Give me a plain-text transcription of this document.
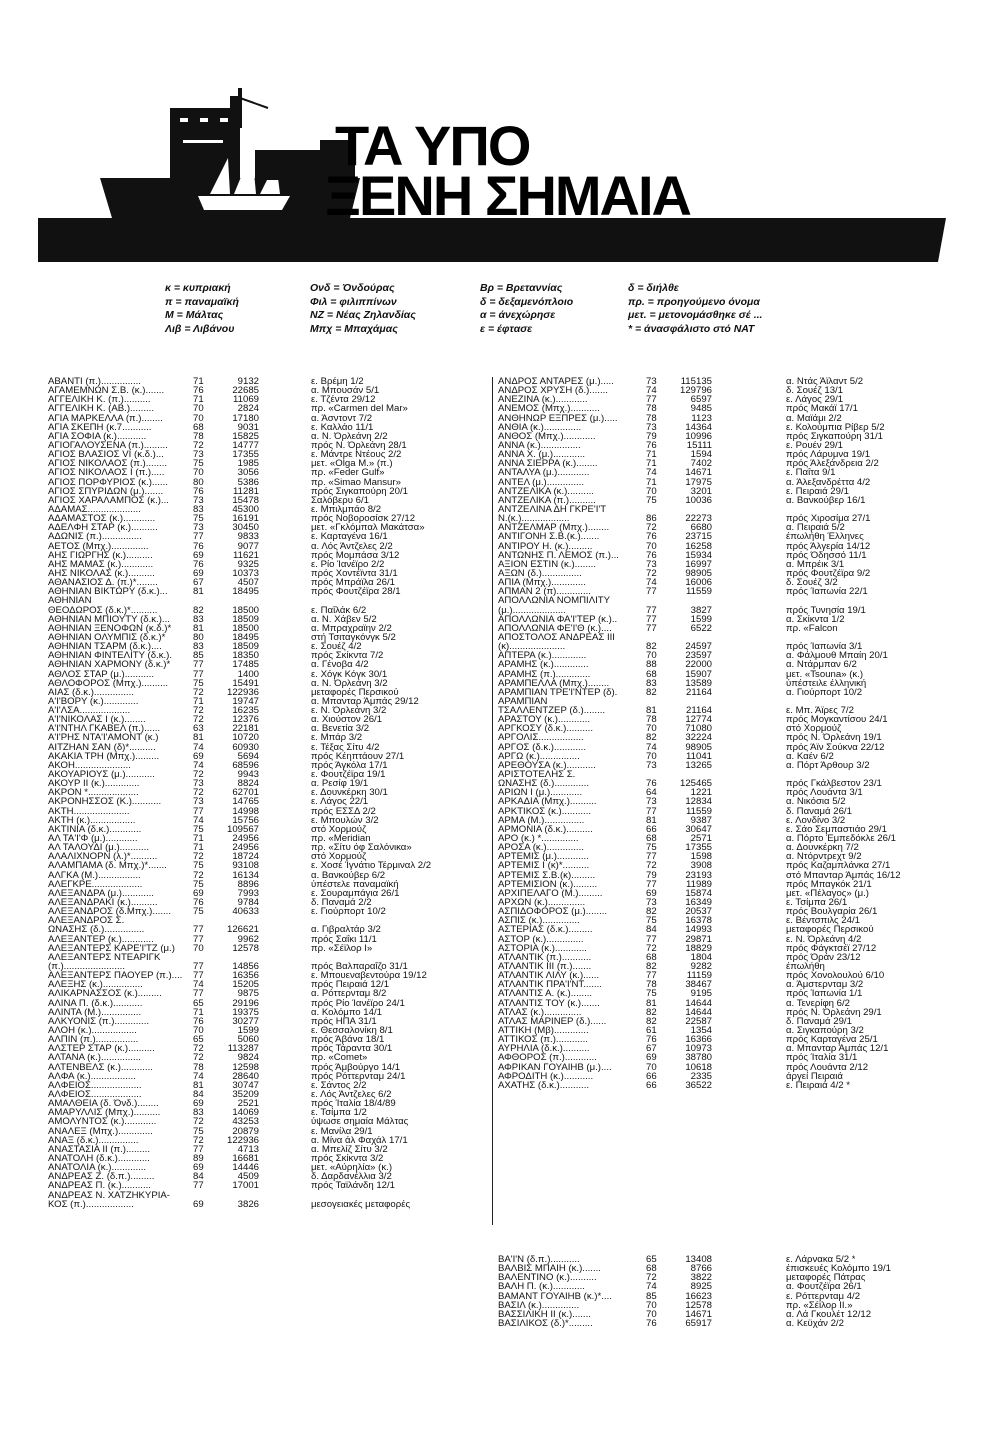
ΤΑ ΥΠΟ
ΞΕΝΗ ΣΗΜΑΙΑ
κ = κυπριακή
π = παναμαϊκή
Μ = Μάλτας
Λιβ = Λιβάνου
Ονδ = Όνδούρας
Φιλ = φιλιππίνων
NZ = Νέας Ζηλανδίας
Μπχ = Μπαχάμας
Βρ = Βρεταννίας
δ = δεξαμενόπλοιο
α = άνεχώρησε
ε = έφτασε
δ = διήλθε
πρ. = προηγούμενο όνομα
μετ. = μετονομάσθηκε σέ ...
* = άνασφάλιστο στό ΝΑΤ
ΑΒΑΝΤΙ (π.)...............	71	9132	ε. Βρέμη 1/2
ΑΓΑΜΕΜΝΩΝ Σ.Β. (κ.).......	76	22685	α. Μπουσάν 5/1
ΑΓΓΕΛΙΚΗ Κ. (π.)..........	71	11069	ε. Τζέντα 29/12
ΑΓΓΕΛΙΚΗ Κ. (ΑΒ.).........	70	2824	πρ. «Carmen del Mar»
ΑΓΙΑ ΜΑΡΚΕΛΛΑ (π.)........	70	17180	α. Άσντοντ 7/2
ΑΓΙΑ ΣΚΕΠΗ (κ.7...........	68	9031	ε. Καλλάο 11/1
ΑΓΙΑ ΣΟΦΙΑ (κ.)...........	78	15825	α. Ν. Όρλεάνη 2/2
ΑΓΙΟΓΑΛΟΥΣΕΝΑ (π.).........	72	14777	πρός Ν. Όρλεάνη 28/1
ΑΓΙΟΣ ΒΛΑΣΙΟΣ VI (κ.δ.)...	73	17355	ε. Μάντρε Ντέους 2/2
ΑΓΙΟΣ ΝΙΚΟΛΑΟΣ (π.)........	75	1985	μετ. «Olga M.» (π.)
ΑΓΙΟΣ ΝΙΚΟΛΑΟΣ Ι (π.).....	70	3056	πρ. «Feder Gulf»
ΑΓΙΟΣ ΠΟΡΦΥΡΙΟΣ (κ.)......	80	5386	πρ. «Simao Mansur»
ΑΓΙΟΣ ΣΠΥΡΙΔΩΝ (μ.).......	76	11281	πρός Σιγκαπούρη 20/1
ΑΓΙΟΣ ΧΑΡΑΛΑΜΠΟΣ (κ.)...	73	15478	Σαλόβερυ 6/1
ΑΔΑΜΑΣ....................	83	45300	ε. Μπιλμπάο 8/2
ΑΔΑΜΑΣΤΟΣ (κ.)............	75	16191	πρός Νοβοροσίσκ 27/12
ΑΔΕΛΦΗ ΣΤΑΡ (κ.)..........	73	30450	μετ. «Γκλόμπαλ Μακάτσα»
ΑΔΩΝΙΣ (π.)...............	77	9833	ε. Καρταγένα 16/1
ΑΕΤΟΣ (Μπχ.)..............	76	9077	α. Λός Άντζελες 2/2
ΑΗΣ ΓΙΩΡΓΗΣ (κ.)..........	69	11621	πρός Μομπάσα 3/12
ΑΗΣ ΜΑΜΑΣ (κ.)............	76	9325	ε. Ρίο Ίανέϊρο 2/2
ΑΗΣ ΝΙΚΟΛΑΣ (κ.)..........	69	10373	πρός Χοντέϊντα 31/1
ΑΘΑΝΑΣΙΟΣ Δ. (π.)*........	67	4507	πρός Μπράϊλα 26/1
ΑΘΗΝΙΑΝ ΒΙΚΤΩΡΥ (δ.κ.)...	81	18495	πρός Φουτζέϊρα 28/1
ΑΘΗΝΙΑΝ
ΘΕΟΔΩΡΟΣ (δ.κ.)*..........	82	18500	ε. Παΐλάκ 6/2
ΑΘΗΝΙΑΝ ΜΠΙΟΥΤΥ (δ.κ.)...	83	18509	α. Ν. Χάβεν 5/2
ΑΘΗΝΙΑΝ ΞΕΝΟΦΩΝ (κ.δ.)*	81	18500	α. Μπραχραϊην 2/2
ΑΘΗΝΙΑΝ ΟΛΥΜΠΙΣ (δ.κ.)*	80	18495	στή Τσιταγκόνγκ 5/2
ΑΘΗΝΙΑΝ ΤΣΑΡΜ (δ.κ.)....	83	18509	ε. Σουέζ 4/2
ΑΘΗΝΙΑΝ ΦΙΝΤΕΛΙΤΥ (δ.κ.).	85	18350	πρός Σκίκντα 7/2
ΑΘΗΝΙΑΝ ΧΑΡΜΟΝΥ (δ.κ.)*	77	17485	α. Γένοβα 4/2
ΑΘΛΟΣ ΣΤΑΡ (μ.)...........	77	1400	ε. Χόγκ Κόγκ 30/1
ΑΘΛΟΦΟΡΟΣ (Μπχ.)..........	75	15491	α. Ν. Όρλεάνη 3/2
ΑΙΑΣ (δ.κ.)...............	72	122936	μεταφορές Περσικού
Α'Ι'ΒΟΡΥ (κ.).............	71	19747	α. Μπανταρ Άμπάς 29/12
Α'Ι'ΛΣΑ...................	72	16235	ε. Ν. Όρλεάνη 3/2
Α'Ι'ΝΙΚΟΛΑΣ Ι (κ.)........	72	12376	α. Χιούστον 26/1
Α'Ι'ΝΤΗΛ ΓΚΑΒΕΛ (π.)......	63	22181	α. Βενετία 3/2
Α'Ι'ΡΗΣ ΝΤΑ'Ι'ΑΜΟΝΤ (κ.)	81	10720	ε. Μπάρ 3/2
ΑΙΤΖΗΑΝ ΣΑΝ (δ)*..........	74	60930	ε. Τέξας Σίτυ 4/2
ΑΚΑΚΙΑ ΤΡΗ (Μπχ.).........	69	5694	πρός Κέηπτάουν 27/1
ΑΚΟΗ.....................	74	68596	πρός Άγκόλα 17/1
ΑΚΟΥΑΡΙΟΥΣ (μ.)...........	72	9943	ε. Φουτζέϊρα 19/1
ΑΚΟΥΡ ΙΙ (κ.).............	73	8824	α. Ρεσίφ 19/1
ΑΚΡΟΝ *...................	72	62701	ε. Δουνκέρκη 30/1
ΑΚΡΟΝΗΣΣΟΣ (Κ.)...........	73	14765	ε. Λάγος 22/1
ΑΚΤΗ.....................	77	14998	πρός ΕΣΣΔ 2/2
ΑΚΤΗ (κ.).................	74	15756	ε. Μπουλών 3/2
ΑΚΤΙΝΙΑ (δ.κ.)............	75	109567	στό Χορμούζ
ΑΛ ΤΑ'Ι'Φ (μ.)............	71	24956	πρ. «Meridian
ΑΛ ΤΑΛΟΥΔΙ (μ.)...........	71	24956	πρ. «Σίτυ όφ Σαλόνικα»
ΑΛΑΛΙΧΝΟΡΝ (λ.)*..........	72	18724	στό Χορμούζ
ΑΛΑΜΠΑΜΑ (δ. Μπχ.)*.......	75	93108	ε. Χοσέ Ίγνάτιο Τέρμιναλ 2/2
ΑΛΓΚΑ (Μ.)................	72	16134	α. Βανκούβερ 6/2
ΑΛΕΓΚΡΕ...................	75	8896	ύπέστελε παναμαϊκή
ΑΛΕΞΑΝΔΡΑ (μ.)............	69	7993	ε. Σουραμπάγια 26/1
ΑΛΕΞΑΝΔΡΑΚΙ (κ.)..........	76	9784	δ. Παναμά 2/2
ΑΛΕΞΑΝΔΡΟΣ (δ.Μπχ.).......	75	40633	ε. Γιούρπορτ 10/2
ΑΛΕΞΑΝΔΡΟΣ Σ.
ΩΝΑΣΗΣ (δ.)...............	77	126621	α. Γιβραλτάρ 3/2
ΑΛΕΞΑΝΤΕΡ (κ.)............	77	9962	πρός Σαΐκι 11/1
ΑΛΕΞΑΝΤΕΡΣ ΚΑΡΕ'Ι'ΤΖ (μ.)	70	12578	πρ. «Σέϊλορ Ι»
ΑΛΕΞΑΝΤΕΡΣ ΝΤΕΑΡΙΓΚ
(π.).......................	77	14856	πρός Βαλπαραΐζο 31/1
ΑΛΕΞΑΝΤΕΡΣ ΠΑΟΥΕΡ (π.)....	77	16356	ε. Μπουεναβεντούρα 19/12
ΑΛΕΞΗΣ (κ.)...............	74	15205	πρός Πειραιά 12/1
ΑΛΙΚΑΡΝΑΣΣΟΣ (κ.).........	77	9875	α. Ρόττερνταμ 8/2
ΑΛΙΝΑ Π. (δ.κ.)...........	65	29196	πρός Ρίο Ίανέϊρο 24/1
ΑΛΙΝΤΑ (Μ.)...............	71	19375	α. Κολόμπο 14/1
ΑΛΚΥΟΝΙΣ (π.).............	76	30277	πρός ΗΠΑ 31/1
ΑΛΟΗ (κ.).................	70	1599	ε. Θεσσαλονίκη 8/1
ΑΛΠΙΝ (π.)................	65	5060	πρός Άβάνα 18/1
ΑΛΣΤΕΡ ΣΤΑΡ (κ.)..........	72	113287	πρός Τάραντα 30/1
ΑΛΤΑΝΑ (κ.)...............	72	9824	πρ. «Comet»
ΑΛΤΕΝΒΕΛΣ (κ.)............	78	12598	πρός Άμβούργο 14/1
ΑΛΦΑ (κ.).................	74	28640	πρός Ρόττερνταμ 24/1
ΑΛΦΕΙΟΣ...................	81	30747	ε. Σάντος 2/2
ΑΛΦΕΙΟΣ...................	84	35209	ε. Λός Άντζελες 6/2
ΑΜΑΛΘΕΙΑ (δ. Όνδ.)........	69	2521	πρός Ίταλία 18/4/89
ΑΜΑΡΥΛΛΙΣ (Μπχ.)..........	83	14069	ε. Τσίμπα 1/2
ΑΜΟΛΥΝΤΟΣ (κ.)............	72	43253	ύψωσε σημαία Μάλτας
ΑΝΑΛΕΞ (Μπχ.).............	75	20879	ε. Μανίλα 29/1
ΑΝΑΞ (δ.κ.)...............	72	122936	α. Μίνα άλ Φαχάλ 17/1
ΑΝΑΣΤΑΣΙΑ ΙΙ (π.).........	77	4713	α. Μπελίζ Σίτυ 3/2
ΑΝΑΤΟΛΗ (δ.κ.)............	89	16681	πρός Σκίκντα 3/2
ΑΝΑΤΟΛΙΑ (κ.).............	69	14446	μετ. «Αύρηλία» (κ.)
ΑΝΔΡΕΑΣ Ζ. (δ.π.).........	84	4509	δ. Δαρδανέλλια 3/2
ΑΝΔΡΕΑΣ Π. (κ.)...........	77	17001	πρός Ταϊλάνδη 12/1
ΑΝΔΡΕΑΣ Ν. ΧΑΤΖΗΚΥΡΙΑ-
ΚΟΣ (π.)..................	69	3826	μεσογειακές μεταφορές
ΑΝΔΡΟΣ ΑΝΤΑΡΕΣ (μ.).....	73	115135	α. Ντάς Άϊλαντ 5/2
ΑΝΔΡΟΣ ΧΡΥΣΗ (δ.).......	74	129796	δ. Σουέζ 13/1
ΑΝΕΖΙΝΑ (κ.)............	77	6597	ε. Λάγος 29/1
ΑΝΕΜΟΣ (Μπχ.)...........	78	9485	πρός Μακάϊ 17/1
ΑΝΘΗΝΩΡ ΕΞΠΡΕΣ (μ.).....	78	1123	α. Μαϊάμι 2/2
ΑΝΘΙΑ (κ.)..............	73	14364	ε. Κολούμπια Ρίβερ 5/2
ΑΝΘΟΣ (Μπχ.)............	79	10996	πρός Σιγκαπούρη 31/1
ΑΝΝΑ (κ.)...............	76	15111	ε. Ρουέν 29/1
ΑΝΝΑ Χ. (μ.)............	71	1594	πρός Λάρυμνα 19/1
ΑΝΝΑ ΣΙΕΡΡΑ (κ.)........	71	7402	πρός Άλεξάνδρεια 2/2
ΑΝΤΑΛΥΑ (μ.)............	74	14671	ε. Παΐτα 9/1
ΑΝΤΕΛ (μ.)..............	71	17975	α. Άλεξανδρέττα 4/2
ΑΝΤΖΕΛΙΚΑ (κ.)..........	70	3201	ε. Πειραιά 29/1
ΑΝΤΖΕΛΙΚΑ (π.)..........	75	10036	α. Βανκούβερ 16/1
ΑΝΤΖΕΛΙΝΑ ΔΗ ΓΚΡΕ'Ι'Τ
Ν.(κ.)..................	86	22273	πρός Χιροσίμα 27/1
ΑΝΤΖΕΛΜΑΡ (Μπχ.)........	72	6680	α. Πειραιά 5/2
ΑΝΤΙΓΟΝΗ Σ.Β.(κ.).......	76	23715	έπωλήθη Έλληνες
ΑΝΤΙΡΟΥ Η. (κ.).........	70	16258	πρός Άλγερία 14/12
ΑΝΤΩΝΗΣ Π. ΛΕΜΟΣ (π.)...	76	15934	πρός Όδησσό 11/1
ΑΞΙΟΝ ΕΣΤΙΝ (κ.)........	73	16997	α. Μπρέικ 3/1
ΑΞΩΝ (δ.)...............	72	98905	πρός Φουτζέϊρα 9/2
ΑΠΙΑ (Μπχ.).............	74	16006	δ. Σουέζ 3/2
ΑΠΜΑΝ 2 (π).............	77	11559	πρός Ίαπωνία 22/1
ΑΠΟΛΛΩΝΙΑ ΝΟΜΠΙΛΙΤΥ
(μ.)....................	77	3827	πρός Τυνησία 19/1
ΑΠΟΛΛΩΝΙΑ ΦΑ'Ι'ΤΕΡ (κ.)..	77	1599	α. Σκίκντα 1/2
ΑΠΟΛΛΩΝΙΑ ΦΕ'Ι'Θ (κ.)....	77	6522	πρ. «Falcon
ΑΠΟΣΤΟΛΟΣ ΑΝΔΡΕΑΣ ΙΙΙ
(κ).....................	82	24597	πρός Ίαπωνία 3/1
ΑΠΤΕΡΑ (κ.).............	70	23597	α. Φάλμουθ Μπαίη 20/1
ΑΡΑΜΗΣ (κ.).............	88	22000	α. Ντάρμπαν 6/2
ΑΡΑΜΗΣ (π.).............	68	15907	μετ. «Tsouna» (κ.)
ΑΡΑΜΠΕΛΛΑ (Μπχ.)........	83	13589	ύπέστειλε έλληνική
ΑΡΑΜΠΙΑΝ ΤΡΕ'Ι'ΝΤΕΡ (δ).	82	21164	α. Γιούρπορτ 10/2
ΑΡΑΜΠΙΑΝ
ΤΣΑΛΛΕΝΤΖΕΡ (δ.)........	81	21164	ε. Μπ. Άϊρες 7/2
ΑΡΑΣΤΟΥ (κ.)............	78	12774	πρός Μογκαντίσου 24/1
ΑΡΓΚΟΣΥ (δ.κ.)..........	70	71080	στό Χορμούζ
ΑΡΓΟΛΙΣ.................	82	32224	πρός Ν. Όρλεάνη 19/1
ΑΡΓΟΣ (δ.κ.)............	74	98905	πρός Άϊν Σούκνα 22/12
ΑΡΓΩ (κ.)...............	70	11041	α. Καέν 6/2
ΑΡΕΘΟΥΣΑ (κ.)...........	73	13265	α. Πόρτ Άρθουρ 3/2
ΑΡΙΣΤΟΤΕΛΗΣ Σ.
ΩΝΑΣΗΣ (δ.).............	76	125465	πρός Γκάλβεστον 23/1
ΑΡΙΩΝ Ι (μ.)............	64	1221	πρός Λουάντα 3/1
ΑΡΚΑΔΙΑ (Μπχ.)..........	73	12834	α. Νικόσια 5/2
ΑΡΚΤΙΚΟΣ (κ.)...........	77	11559	δ. Παναμά 26/1
ΑΡΜΑ (Μ.)...............	81	9387	ε. Λονδίνο 3/2
ΑΡΜΟΝΙΑ (δ.κ.)..........	66	30647	ε. Σάο Σεμπαστιάο 29/1
ΑΡΟ (κ.) *..............	68	2571	α. Πόρτο Έμπεδόκλε 26/1
ΑΡΟΣΑ (κ.)..............	75	17355	α. Δουνκέρκη 7/2
ΑΡΤΕΜΙΣ (μ.)............	77	1598	α. Ντόρντρεχτ 9/2
ΑΡΤΕΜΙΣ Ι (κ)*..........	72	3908	πρός Καζαμπλάνκα 27/1
ΑΡΤΕΜΙΣ Σ.Β.(κ).........	79	23193	στό Μπανταρ Άμπάς 16/12
ΑΡΤΕΜΙΣΙΟΝ (κ.).........	77	11989	πρός Μπαγκόκ 21/1
ΑΡΧΙΠΕΛΑΓΟ (Μ.).........	69	15874	μετ. «Πέλαγος» (μ.)
ΑΡΧΩΝ (κ.)..............	73	16349	ε. Τσίμπα 26/1
ΑΣΠΙΔΟΦΟΡΟΣ (μ.)........	82	20537	πρός Βουλγαρία 26/1
ΑΣΠΙΣ (κ.)..............	75	16378	ε. Βέντσπιλς 24/1
ΑΣΤΕΡΙΑΣ (δ.κ.).........	84	14993	μεταφορές Περσικού
ΑΣΤΟΡ (κ.)..............	77	29871	ε. Ν. Όρλεάνη 4/2
ΑΣΤΟΡΙΑ (κ.)............	72	18829	πρός Φάγκτσέϊ 27/12
ΑΤΛΑΝΤΙΚ (π.)...........	68	1804	πρός Όράν 23/12
ΑΤΛΑΝΤΙΚ ΙΙΙ (π.).......	82	9282	έπωλήθη
ΑΤΛΑΝΤΙΚ ΛΙΛΥ (κ.)......	77	11159	πρός Χονολουλού 6/10
ΑΤΛΑΝΤΙΚ ΠΡΑ'Ι'ΝΤ.......	78	38467	α. Άμστερνταμ 3/2
ΑΤΛΑΝΤΙΣ Α. (κ.)........	75	9195	πρός Ίαπωνία 1/1
ΑΤΛΑΝΤΙΣ ΤΟΥ (κ.).......	81	14644	α. Τενερίφη 6/2
ΑΤΛΑΣ (κ.)..............	82	14644	πρός Ν. Όρλεάνη 29/1
ΑΤΛΑΣ ΜΑΡΙΝΕΡ (δ.)......	82	22587	δ. Παναμά 29/1
ΑΤΤΙΚΗ (Μβ).............	61	1354	α. Σιγκαπούρη 3/2
ΑΤΤΙΚΟΣ (π.)............	76	16366	πρός Καρταγένα 25/1
ΑΥΡΗΛΙΑ (δ.κ.)..........	67	10973	α. Μπανταρ Άμπάς 12/1
ΑΦΘΟΡΟΣ (π.)............	69	38780	πρός Ίταλία 31/1
ΑΦΡΙΚΑΝ ΓΟΥΑΙΗΒ (μ.)....	70	10618	πρός Λουάντα 2/12
ΑΦΡΟΔΙΤΗ (κ.)...........	66	2335	άργεί Πειραιά
ΑΧΑΤΗΣ (δ.κ.)...........	66	36522	ε. Πειραιά 4/2 *
ΒΑ'Ι'Ν (δ.π.)...........	65	13408	ε. Λάρνακα 5/2 *
ΒΑΛΒΙΣ ΜΠΑΙΗ (κ.).......	68	8766	έπισκευές Κολόμπο 19/1
ΒΑΛΕΝΤΙΝΟ (κ.)..........	72	3822	μεταφορές Πάτρας
ΒΑΛΗ Π. (κ.)............	74	8925	α. Φουτζέϊρα 26/1
ΒΑΜΑΝΤ ΓΟΥΑΙΗΒ (κ.)*....	85	16623	ε. Ρόττερνταμ 4/2
ΒΑΣΙΛ (κ.)..............	70	12578	πρ. «Σέϊλορ ΙΙ.»
ΒΑΣΣΙΛΙΚΗ ΙΙ (κ.).......	70	14671	α. Λά Γκουλέτ 12/12
ΒΑΣΙΛΙΚΟΣ (δ.)*.........	76	65917	α. Κεϋχάν 2/2
